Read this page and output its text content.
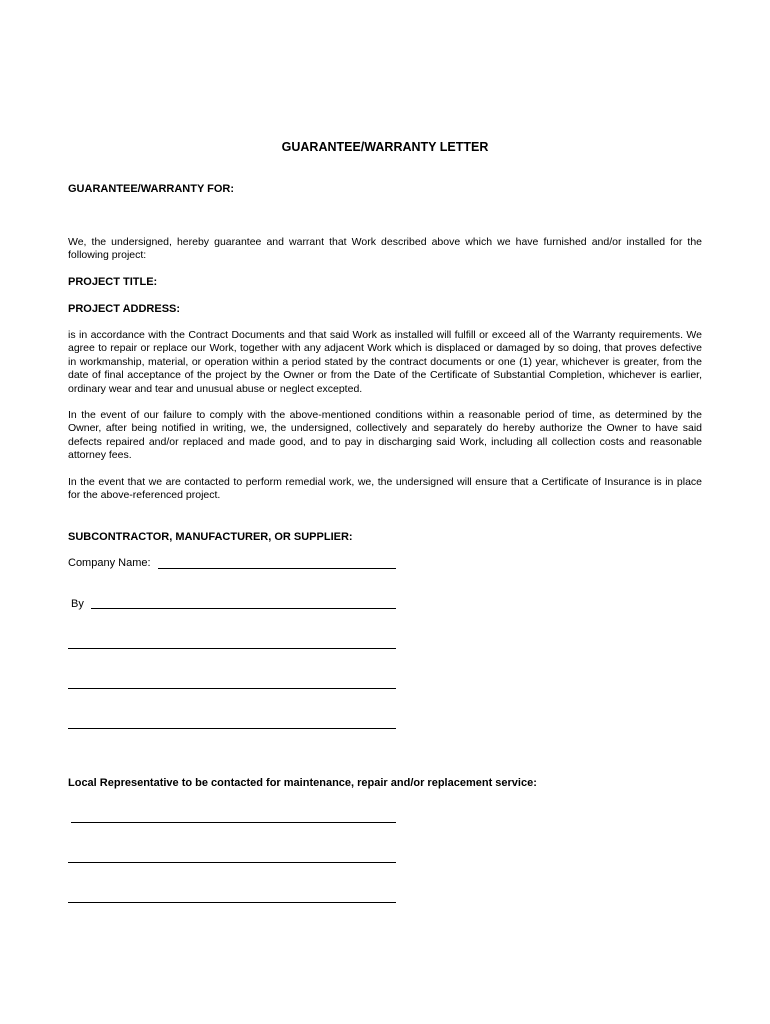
GUARANTEE/WARRANTY LETTER
GUARANTEE/WARRANTY FOR:

We, the undersigned, hereby guarantee and warrant that Work described above which we have furnished and/or installed for the following project:

PROJECT TITLE:
PROJECT ADDRESS:

is in accordance with the Contract Documents and that said Work as installed will fulfill or exceed all of the Warranty requirements. We agree to repair or replace our Work, together with any adjacent Work which is displaced or damaged by so doing, that proves defective in workmanship, material, or operation within a period stated by the contract documents or one (1) year, whichever is greater, from the date of final acceptance of the project by the Owner or from the Date of the Certificate of Substantial Completion, whichever is earlier, ordinary wear and tear and unusual abuse or neglect excepted.

In the event of our failure to comply with the above-mentioned conditions within a reasonable period of time, as determined by the Owner, after being notified in writing, we, the undersigned, collectively and separately do hereby authorize the Owner to have said defects repaired and/or replaced and made good, and to pay in discharging said Work, including all collection costs and reasonable attorney fees.

In the event that we are contacted to perform remedial work, we, the undersigned will ensure that a Certificate of Insurance is in place for the above-referenced project.

SUBCONTRACTOR, MANUFACTURER, OR SUPPLIER:
Company Name:
By
Local Representative to be contacted for maintenance, repair and/or replacement service:
